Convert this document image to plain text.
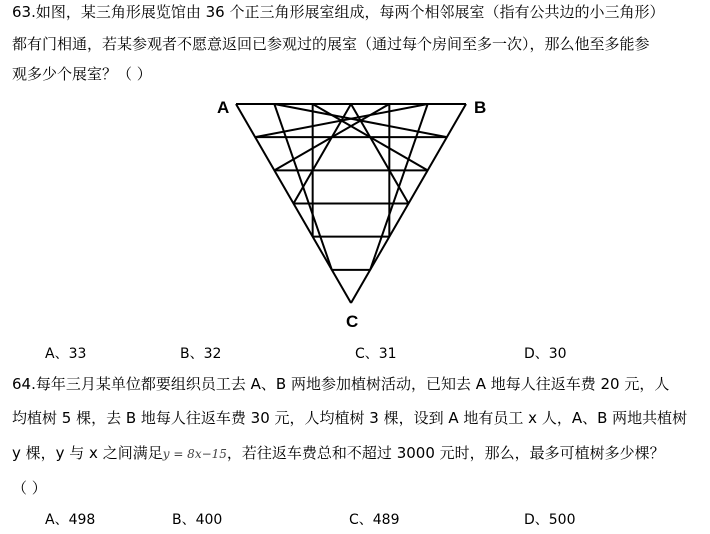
63.如图，某三角形展览馆由 36 个正三角形展室组成，每两个相邻展室（指有公共边的小三角形）
都有门相通，若某参观者不愿意返回已参观过的展室（通过每个房间至多一次），那么他至多能参
观多少个展室？（ ）
A	B
C
A、33	B、32	C、31	D、30
64.每年三月某单位都要组织员工去 A、B 两地参加植树活动，已知去 A 地每人往返车费 20 元，人
均植树 5 棵，去 B 地每人往返车费 30 元，人均植树 3 棵，设到 A 地有员工 x 人，A、B 两地共植树
y 棵，y 与 x 之间满足y = 8x−15，若往返车费总和不超过 3000 元时，那么，最多可植树多少棵？
（ ）
A、498	B、400	C、489	D、500
